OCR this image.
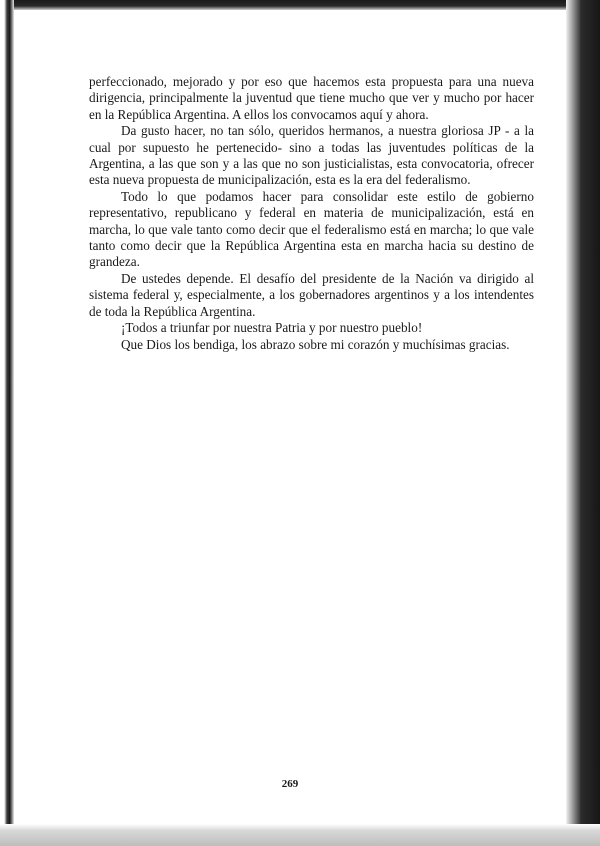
perfeccionado, mejorado y por eso que hacemos esta propuesta para una nueva dirigencia, principalmente la juventud que tiene mucho que ver y mucho por hacer en la República Argentina. A ellos los convocamos aquí y ahora.

Da gusto hacer, no tan sólo, queridos hermanos, a nuestra gloriosa JP - a la cual por supuesto he pertenecido- sino a todas las juventudes políticas de la Argentina, a las que son y a las que no son justicialistas, esta convocatoria, ofrecer esta nueva propuesta de municipalización, esta es la era del federalismo.

Todo lo que podamos hacer para consolidar este estilo de gobierno representativo, republicano y federal en materia de municipalización, está en marcha, lo que vale tanto como decir que el federalismo está en marcha; lo que vale tanto como decir que la República Argentina esta en marcha hacia su destino de grandeza.

De ustedes depende. El desafío del presidente de la Nación va dirigido al sistema federal y, especialmente, a los gobernadores argentinos y a los intendentes de toda la República Argentina.

¡Todos a triunfar por nuestra Patria y por nuestro pueblo!

Que Dios los bendiga, los abrazo sobre mi corazón y muchísimas gracias.

269
